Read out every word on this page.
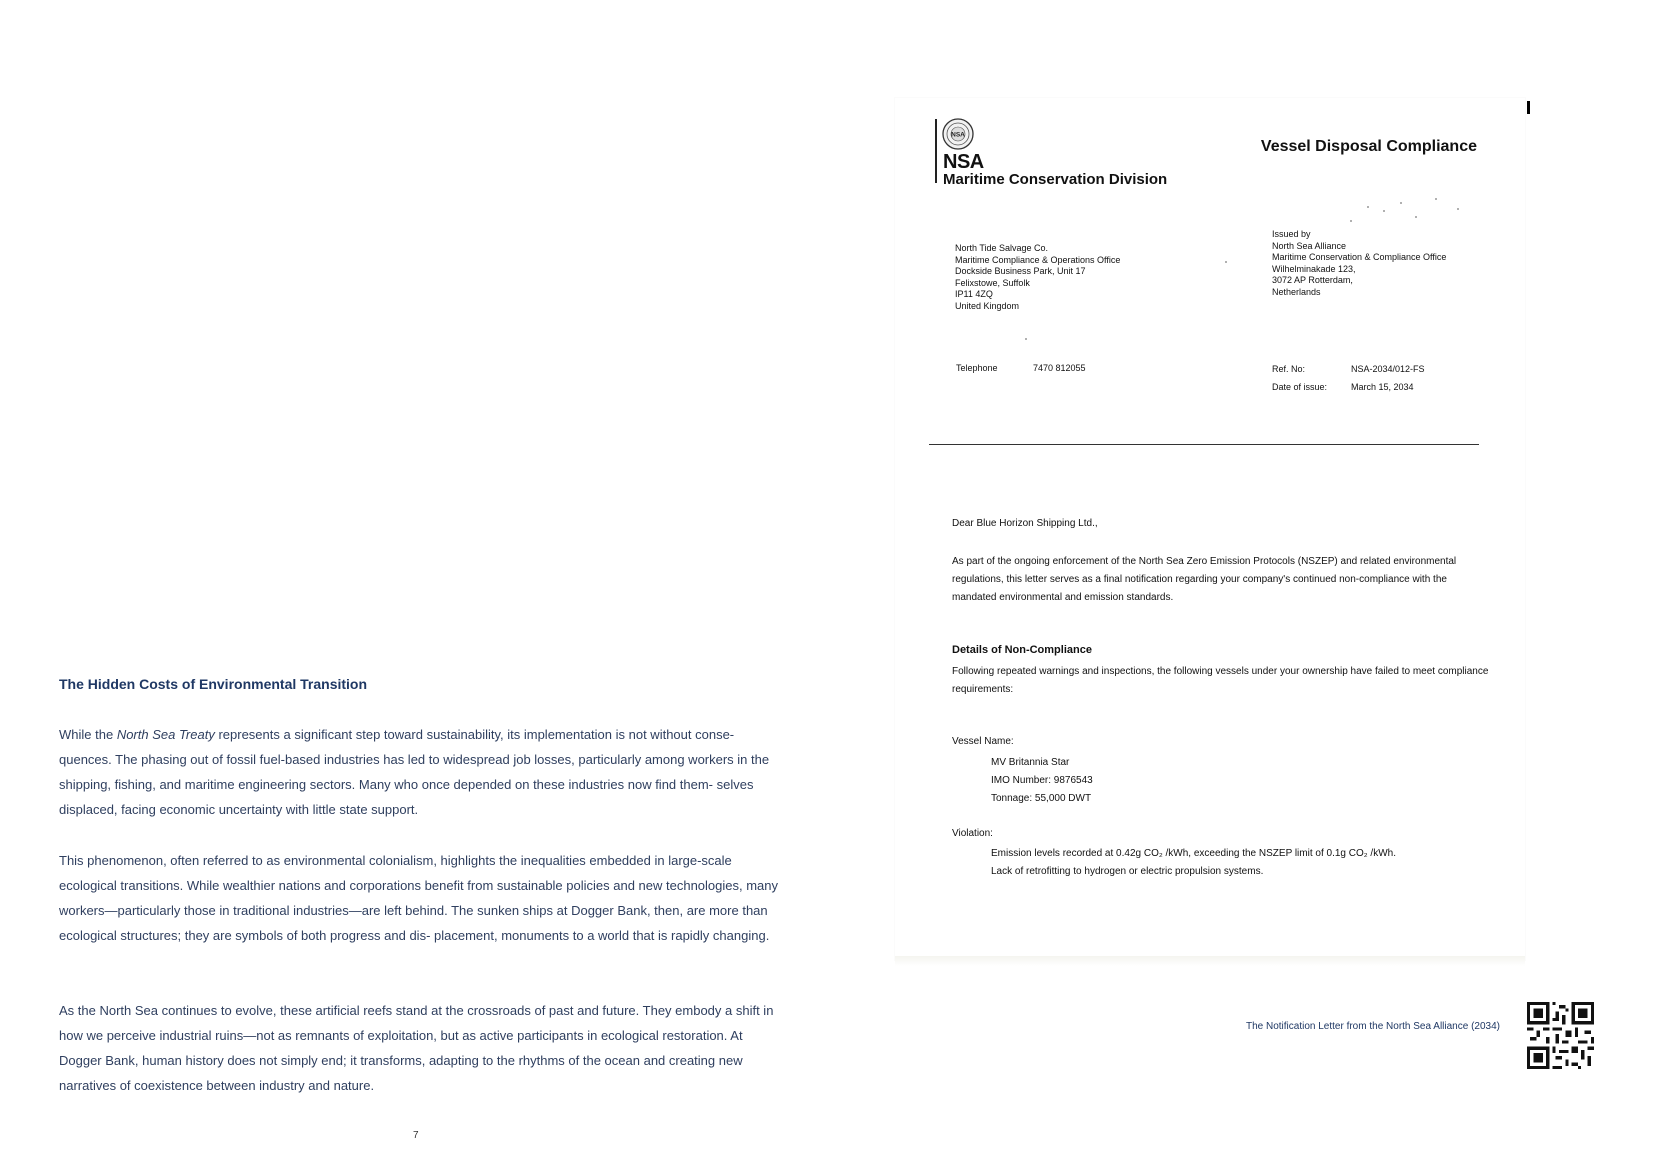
The Hidden Costs of Environmental Transition

While the North Sea Treaty represents a significant step toward sustainability, its implementation is not without conse- quences. The phasing out of fossil fuel-based industries has led to widespread job losses, particularly among workers in the shipping, fishing, and maritime engineering sectors. Many who once depended on these industries now find them- selves displaced, facing economic uncertainty with little state support.

This phenomenon, often referred to as environmental colonialism, highlights the inequalities embedded in large-scale ecological transitions. While wealthier nations and corporations benefit from sustainable policies and new technologies, many workers—particularly those in traditional industries—are left behind. The sunken ships at Dogger Bank, then, are more than ecological structures; they are symbols of both progress and dis- placement, monuments to a world that is rapidly changing.

As the North Sea continues to evolve, these artificial reefs stand at the crossroads of past and future. They embody a shift in how we perceive industrial ruins—not as remnants of exploitation, but as active participants in ecological restoration. At Dogger Bank, human history does not simply end; it transforms, adapting to the rhythms of the ocean and creating new narratives of coexistence between industry and nature.

7
NSA
NSA
Maritime Conservation Division
Vessel Disposal Compliance
North Tide Salvage Co.
Maritime Compliance & Operations Office
Dockside Business Park, Unit 17
Felixstowe, Suffolk
IP11 4ZQ
United Kingdom
Issued by
North Sea Alliance
Maritime Conservation & Compliance Office
Wilhelminakade 123,
3072 AP Rotterdam,
Netherlands
Telephone	7470 812055	Ref. No:	NSA-2034/012-FS
Date of issue:	March 15, 2034
Dear Blue Horizon Shipping Ltd.,
As part of the ongoing enforcement of the North Sea Zero Emission Protocols (NSZEP) and related environmental regulations, this letter serves as a final notification regarding your company's continued non-compliance with the mandated environmental and emission standards.
Details of Non-Compliance
Following repeated warnings and inspections, the following vessels under your ownership have failed to meet compliance requirements:
Vessel Name:
MV Britannia Star
IMO Number: 9876543
Tonnage: 55,000 DWT
Violation:
Emission levels recorded at 0.42g CO₂ /kWh, exceeding the NSZEP limit of 0.1g CO₂ /kWh.
Lack of retrofitting to hydrogen or electric propulsion systems.
The Notification Letter from the North Sea Alliance (2034)
